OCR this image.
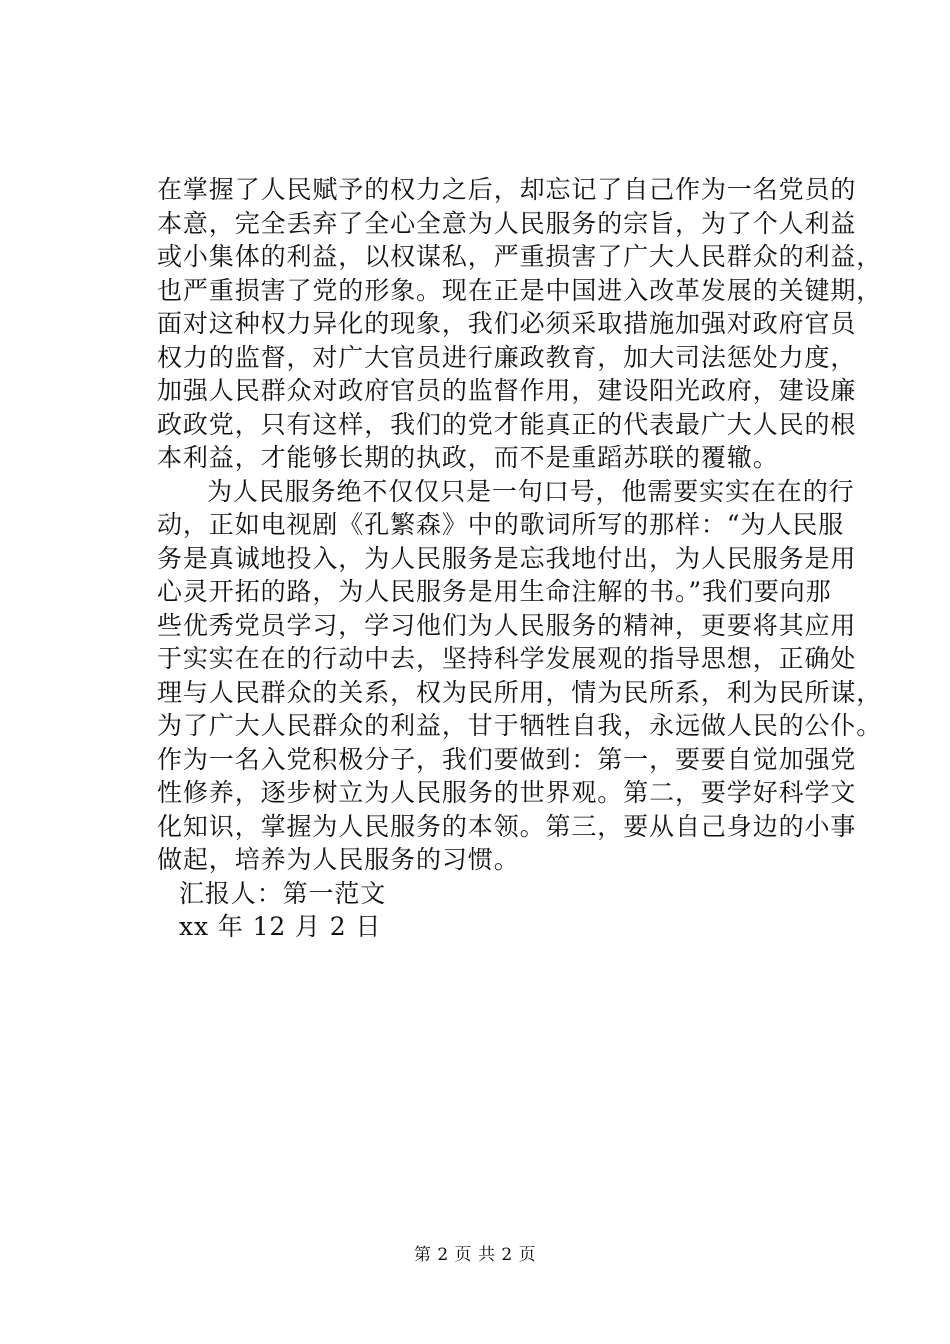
在掌握了人民赋予的权力之后，却忘记了自己作为一名党员的
本意，完全丢弃了全心全意为人民服务的宗旨，为了个人利益
或小集体的利益，以权谋私，严重损害了广大人民群众的利益，
也严重损害了党的形象。现在正是中国进入改革发展的关键期，
面对这种权力异化的现象，我们必须采取措施加强对政府官员
权力的监督，对广大官员进行廉政教育，加大司法惩处力度，
加强人民群众对政府官员的监督作用，建设阳光政府，建设廉
政政党，只有这样，我们的党才能真正的代表最广大人民的根
本利益，才能够长期的执政，而不是重蹈苏联的覆辙。
为人民服务绝不仅仅只是一句口号，他需要实实在在的行
动，正如电视剧《孔繁森》中的歌词所写的那样：“为人民服
务是真诚地投入，为人民服务是忘我地付出，为人民服务是用
心灵开拓的路，为人民服务是用生命注解的书。”我们要向那
些优秀党员学习，学习他们为人民服务的精神，更要将其应用
于实实在在的行动中去，坚持科学发展观的指导思想，正确处
理与人民群众的关系，权为民所用，情为民所系，利为民所谋，
为了广大人民群众的利益，甘于牺牲自我，永远做人民的公仆。
作为一名入党积极分子，我们要做到：第一，要要自觉加强党
性修养，逐步树立为人民服务的世界观。第二，要学好科学文
化知识，掌握为人民服务的本领。第三，要从自己身边的小事
做起，培养为人民服务的习惯。
汇报人：第一范文
xx 年 12 月 2 日
第 2 页 共 2 页
